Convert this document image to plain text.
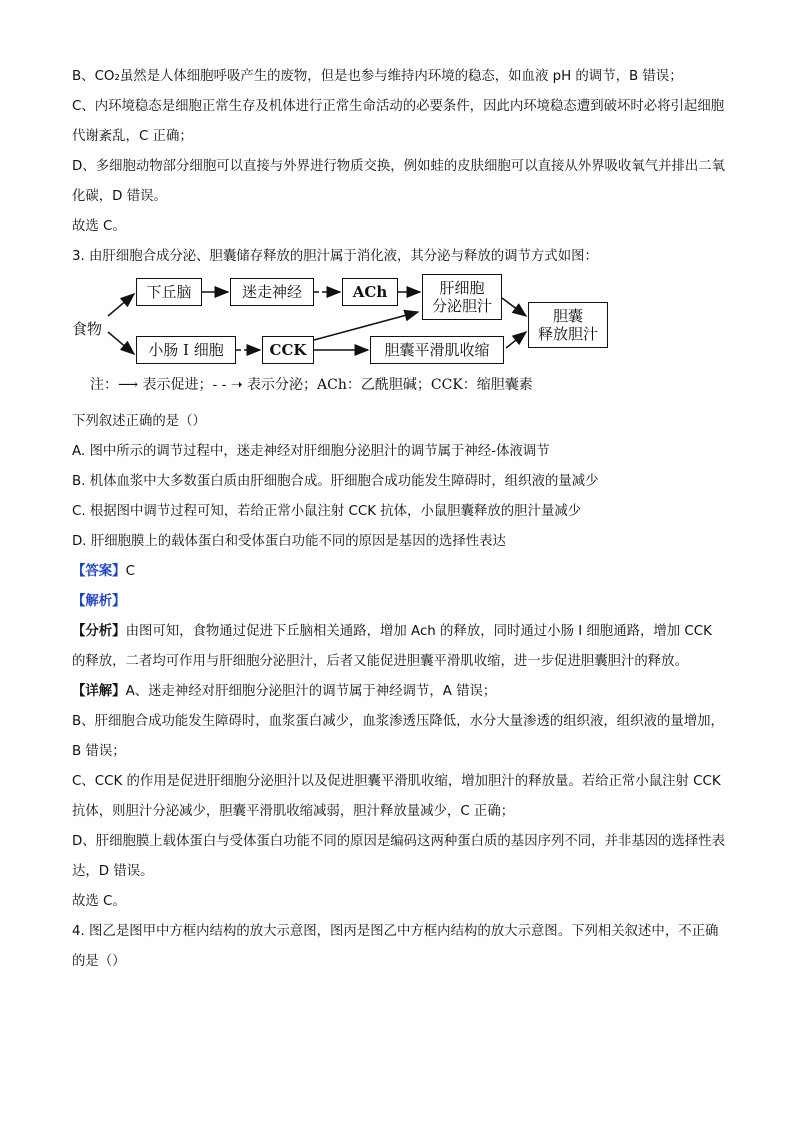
B、CO₂虽然是人体细胞呼吸产生的废物，但是也参与维持内环境的稳态，如血液 pH 的调节，B 错误；

C、内环境稳态是细胞正常生存及机体进行正常生命活动的必要条件，因此内环境稳态遭到破坏时必将引起细胞代谢紊乱，C 正确；

D、多细胞动物部分细胞可以直接与外界进行物质交换，例如蛙的皮肤细胞可以直接从外界吸收氧气并排出二氧化碳，D 错误。

故选 C。

3. 由肝细胞合成分泌、胆囊储存释放的胆汁属于消化液，其分泌与释放的调节方式如图：

食物
下丘脑	迷走神经	ACh	肝细胞
分泌胆汁
胆囊
释放胆汁
小肠 I 细胞	CCK	胆囊平滑肌收缩
注：⟶ 表示促进；- - ➝ 表示分泌；ACh：乙酰胆碱；CCK：缩胆囊素

下列叙述正确的是（）

A. 图中所示的调节过程中，迷走神经对肝细胞分泌胆汁的调节属于神经-体液调节

B. 机体血浆中大多数蛋白质由肝细胞合成。肝细胞合成功能发生障碍时，组织液的量减少

C. 根据图中调节过程可知，若给正常小鼠注射 CCK 抗体，小鼠胆囊释放的胆汁量减少

D. 肝细胞膜上的载体蛋白和受体蛋白功能不同的原因是基因的选择性表达

【答案】C

【解析】

【分析】由图可知，食物通过促进下丘脑相关通路，增加 Ach 的释放，同时通过小肠 I 细胞通路，增加 CCK 的释放，二者均可作用与肝细胞分泌胆汁，后者又能促进胆囊平滑肌收缩，进一步促进胆囊胆汁的释放。

【详解】A、迷走神经对肝细胞分泌胆汁的调节属于神经调节，A 错误；

B、肝细胞合成功能发生障碍时，血浆蛋白减少，血浆渗透压降低，水分大量渗透的组织液，组织液的量增加，B 错误；

C、CCK 的作用是促进肝细胞分泌胆汁以及促进胆囊平滑肌收缩，增加胆汁的释放量。若给正常小鼠注射 CCK 抗体，则胆汁分泌减少，胆囊平滑肌收缩减弱，胆汁释放量减少，C 正确；

D、肝细胞膜上载体蛋白与受体蛋白功能不同的原因是编码这两种蛋白质的基因序列不同，并非基因的选择性表达，D 错误。

故选 C。

4. 图乙是图甲中方框内结构的放大示意图，图丙是图乙中方框内结构的放大示意图。下列相关叙述中，不正确的是（）
